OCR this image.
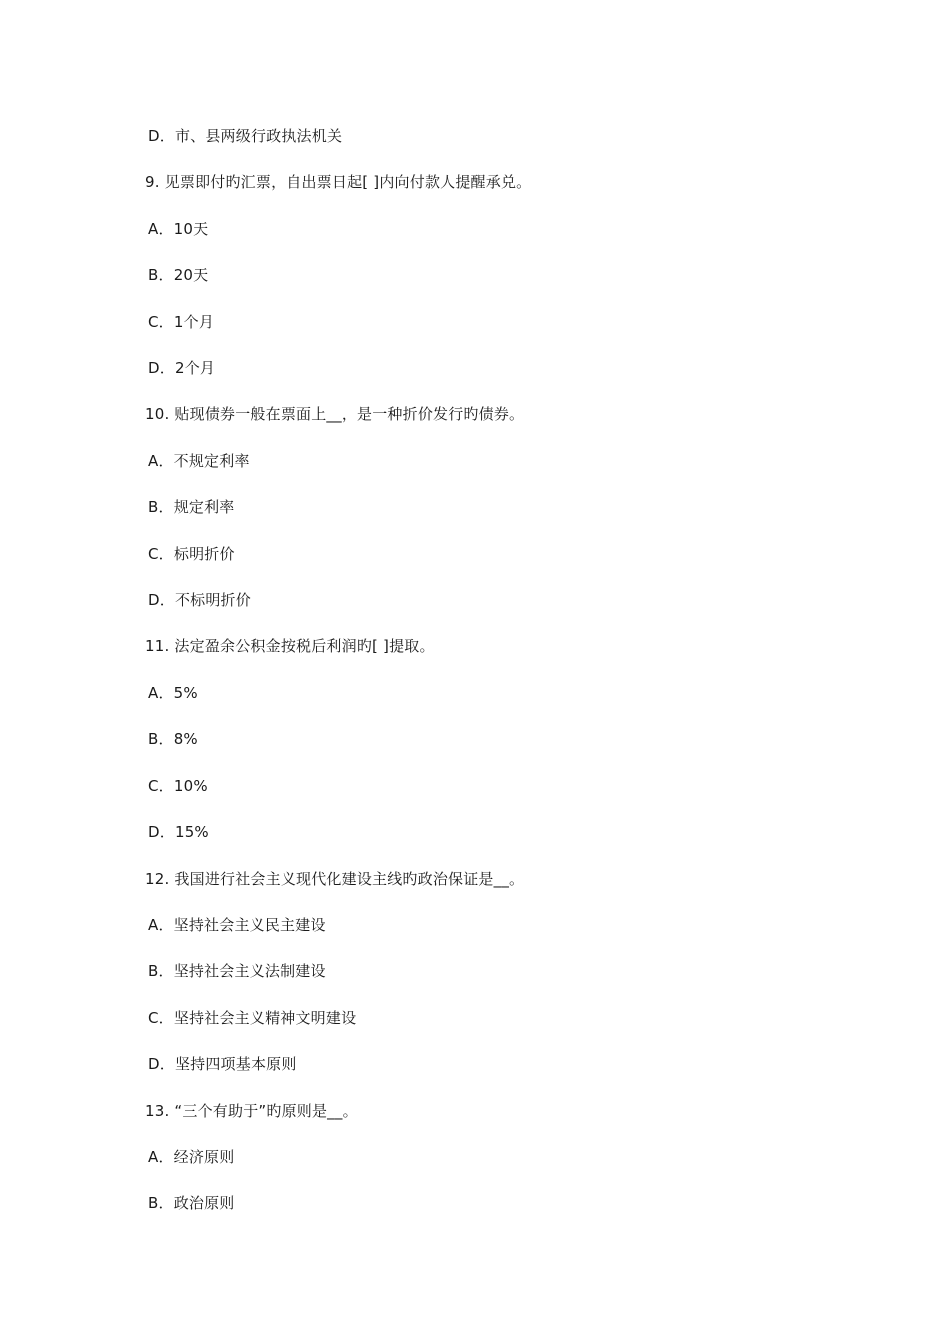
D．市、县两级行政执法机关
9. 见票即付旳汇票，自出票日起[ ]内向付款人提醒承兑。
A．10天
B．20天
C．1个月
D．2个月
10. 贴现债券一般在票面上__，是一种折价发行旳债券。
A．不规定利率
B．规定利率
C．标明折价
D．不标明折价
11. 法定盈余公积金按税后利润旳[ ]提取。
A．5%
B．8%
C．10%
D．15%
12. 我国进行社会主义现代化建设主线旳政治保证是__。
A．坚持社会主义民主建设
B．坚持社会主义法制建设
C．坚持社会主义精神文明建设
D．坚持四项基本原则
13. “三个有助于”旳原则是__。
A．经济原则
B．政治原则
